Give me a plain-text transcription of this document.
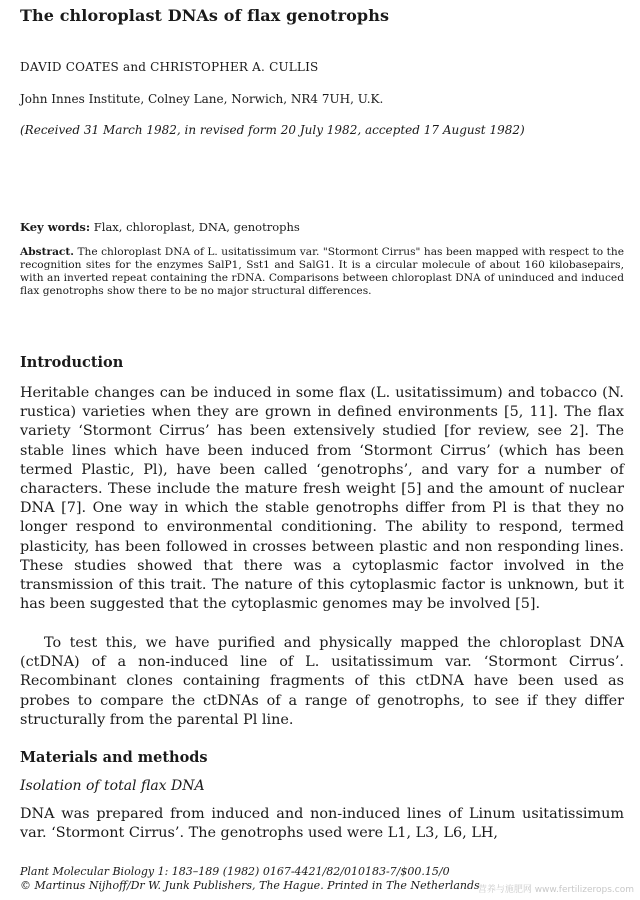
The chloroplast DNAs of flax genotrophs
DAVID COATES and CHRISTOPHER A. CULLIS
John Innes Institute, Colney Lane, Norwich, NR4 7UH, U.K.
(Received 31 March 1982, in revised form 20 July 1982, accepted 17 August 1982)
Key words: Flax, chloroplast, DNA, genotrophs
Abstract. The chloroplast DNA of L. usitatissimum var. "Stormont Cirrus" has been mapped with respect to the recognition sites for the enzymes SalP1, Sst1 and SalG1. It is a circular molecule of about 160 kilobasepairs, with an inverted repeat containing the rDNA. Comparisons between chloroplast DNA of uninduced and induced flax genotrophs show there to be no major structural differences.
Introduction
Heritable changes can be induced in some flax (L. usitatissimum) and tobacco (N. rustica) varieties when they are grown in defined environments [5, 11]. The flax variety ‘Stormont Cirrus’ has been extensively studied [for review, see 2]. The stable lines which have been induced from ‘Stormont Cirrus’ (which has been termed Plastic, Pl), have been called ‘genotrophs’, and vary for a number of characters. These include the mature fresh weight [5] and the amount of nuclear DNA [7]. One way in which the stable genotrophs differ from Pl is that they no longer respond to environmental conditioning. The ability to respond, termed plasticity, has been followed in crosses between plastic and non responding lines. These studies showed that there was a cytoplasmic factor involved in the transmission of this trait. The nature of this cytoplasmic factor is unknown, but it has been suggested that the cytoplasmic genomes may be involved [5].
To test this, we have purified and physically mapped the chloroplast DNA (ctDNA) of a non-induced line of L. usitatissimum var. ‘Stormont Cirrus’. Recombinant clones containing fragments of this ctDNA have been used as probes to compare the ctDNAs of a range of genotrophs, to see if they differ structurally from the parental Pl line.
Materials and methods
Isolation of total flax DNA
DNA was prepared from induced and non-induced lines of Linum usitatissimum var. ‘Stormont Cirrus’. The genotrophs used were L1, L3, L6, LH,
Plant Molecular Biology 1: 183–189 (1982) 0167-4421/82/010183-7/$00.15/0
© Martinus Nijhoff/Dr W. Junk Publishers, The Hague. Printed in The Netherlands
营养与施肥网 www.fertilizerops.com
